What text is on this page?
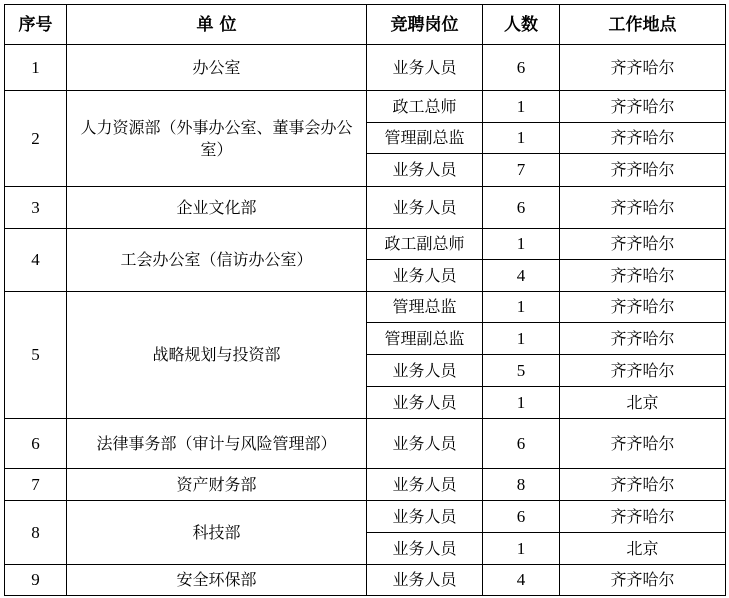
序号	单 位	竞聘岗位	人数	工作地点
1	办公室	业务人员	6	齐齐哈尔
2	人力资源部（外事办公室、董事会办公室）	政工总师	1	齐齐哈尔
		管理副总监	1	齐齐哈尔
		业务人员	7	齐齐哈尔
3	企业文化部	业务人员	6	齐齐哈尔
4	工会办公室（信访办公室）	政工副总师	1	齐齐哈尔
		业务人员	4	齐齐哈尔
5	战略规划与投资部	管理总监	1	齐齐哈尔
		管理副总监	1	齐齐哈尔
		业务人员	5	齐齐哈尔
		业务人员	1	北京
6	法律事务部（审计与风险管理部）	业务人员	6	齐齐哈尔
7	资产财务部	业务人员	8	齐齐哈尔
8	科技部	业务人员	6	齐齐哈尔
		业务人员	1	北京
9	安全环保部	业务人员	4	齐齐哈尔
